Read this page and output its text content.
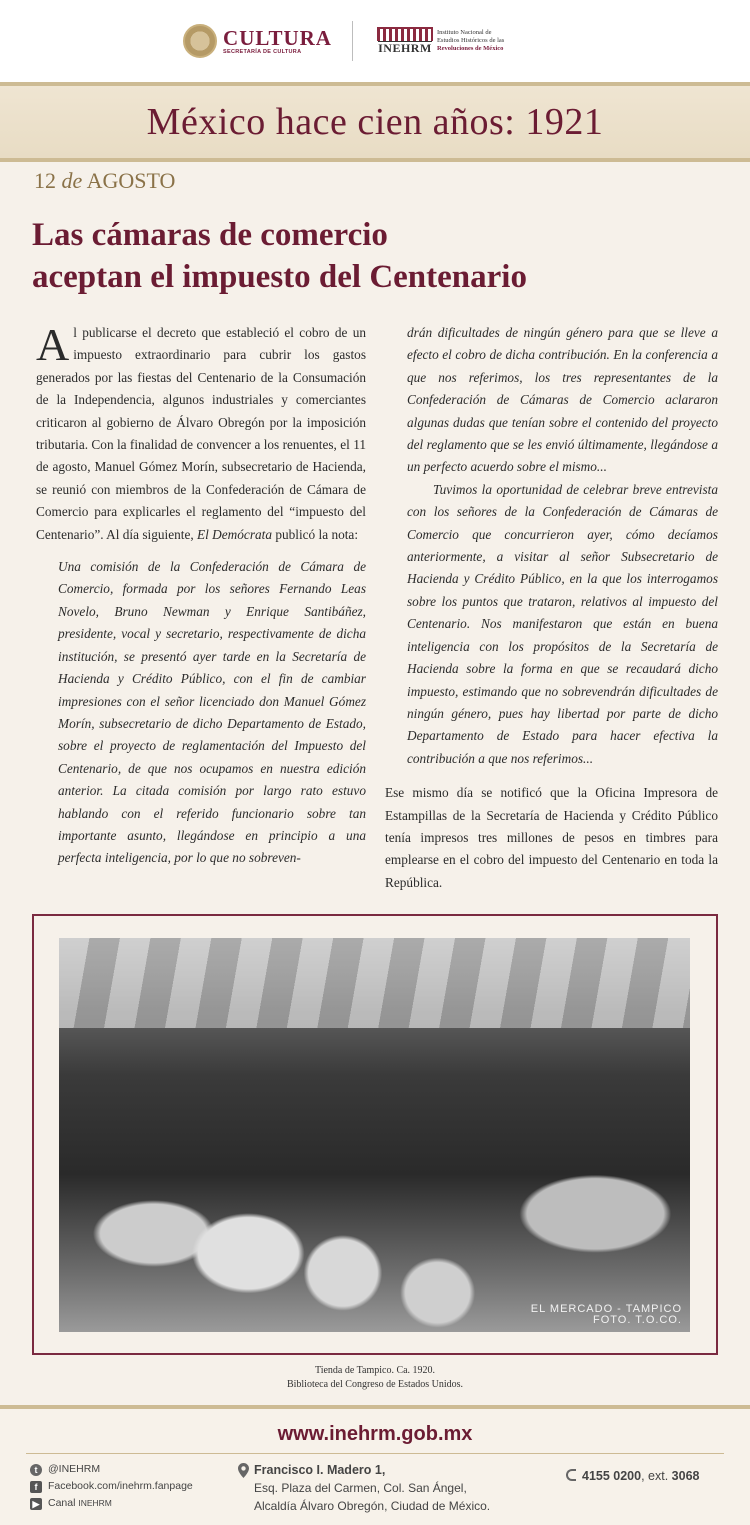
CULTURA
SECRETARÍA DE CULTURA	INEHRM
Instituto Nacional de
Estudios Históricos de las
Revoluciones de México
México hace cien años: 1921
12 de AGOSTO
Las cámaras de comercio
aceptan el impuesto del Centenario

Al publicarse el decreto que estableció el cobro de un impuesto extraordinario para cubrir los gastos generados por las fiestas del Centenario de la Consumación de la Independencia, algunos industriales y comerciantes criticaron al gobierno de Álvaro Obregón por la imposición tributaria. Con la finalidad de convencer a los renuentes, el 11 de agosto, Manuel Gómez Morín, subsecretario de Hacienda, se reunió con miembros de la Confederación de Cámara de Comercio para explicarles el reglamento del “impuesto del Centenario”. Al día siguiente, El Demócrata publicó la nota:

Una comisión de la Confederación de Cámara de Comercio, formada por los señores Fernando Leas Novelo, Bruno Newman y Enrique Santibáñez, presidente, vocal y secretario, respectivamente de dicha institución, se presentó ayer tarde en la Secretaría de Hacienda y Crédito Público, con el fin de cambiar impresiones con el señor licenciado don Manuel Gómez Morín, subsecretario de dicho Departamento de Estado, sobre el proyecto de reglamentación del Impuesto del Centenario, de que nos ocupamos en nuestra edición anterior. La citada comisión por largo rato estuvo hablando con el referido funcionario sobre tan importante asunto, llegándose en principio a una perfecta inteligencia, por lo que no sobreven-

drán dificultades de ningún género para que se lleve a efecto el cobro de dicha contribución. En la conferencia a que nos referimos, los tres representantes de la Confederación de Cámaras de Comercio aclararon algunas dudas que tenían sobre el contenido del proyecto del reglamento que se les envió últimamente, llegándose a un perfecto acuerdo sobre el mismo...

Tuvimos la oportunidad de celebrar breve entrevista con los señores de la Confederación de Cámaras de Comercio que concurrieron ayer, cómo decíamos anteriormente, a visitar al señor Subsecretario de Hacienda y Crédito Público, en la que los interrogamos sobre los puntos que trataron, relativos al impuesto del Centenario. Nos manifestaron que están en buena inteligencia con los propósitos de la Secretaría de Hacienda sobre la forma en que se recaudará dicho impuesto, estimando que no sobrevendrán dificultades de ningún género, pues hay libertad por parte de dicho Departamento de Estado para hacer efectiva la contribución a que nos referimos...

Ese mismo día se notificó que la Oficina Impresora de Estampillas de la Secretaría de Hacienda y Crédito Público tenía impresos tres millones de pesos en timbres para emplearse en el cobro del impuesto del Centenario en toda la República.

EL MERCADO - TAMPICO
FOTO. T.O.CO.
Tienda de Tampico. Ca. 1920.
Biblioteca del Congreso de Estados Unidos.
www.inehrm.gob.mx
t	@INEHRM
f	Facebook.com/inehrm.fanpage
▶ Canal INEHRM
Francisco I. Madero 1,
Esq. Plaza del Carmen, Col. San Ángel,
Alcaldía Álvaro Obregón, Ciudad de México.
4155 0200, ext. 3068
